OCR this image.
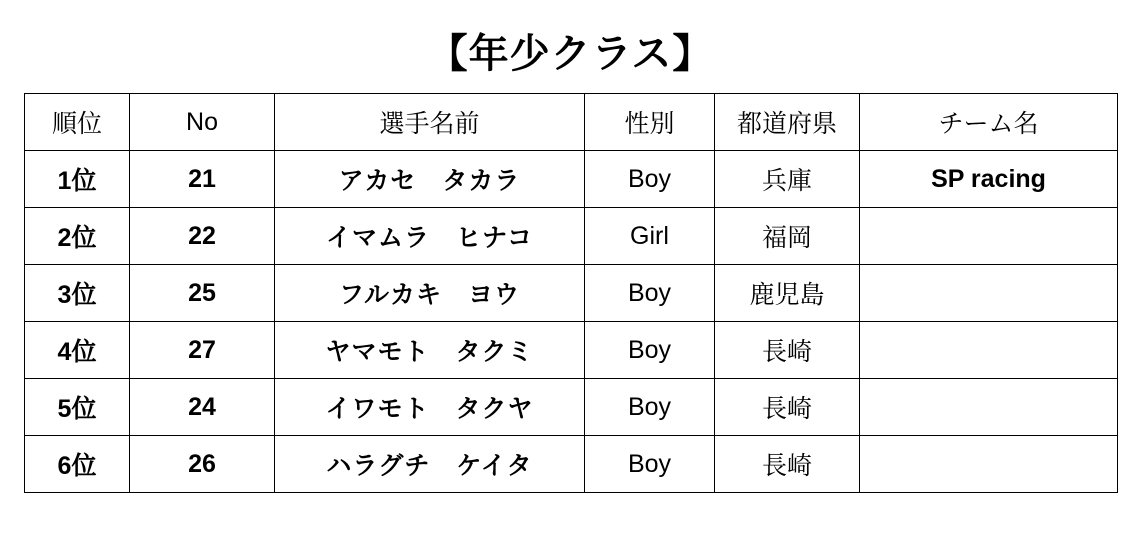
【年少クラス】
順位	No	選手名前	性別	都道府県	チーム名
1位	21	アカセ　タカラ	Boy	兵庫	SP racing
2位	22	イマムラ　ヒナコ	Girl	福岡	
3位	25	フルカキ　ヨウ	Boy	鹿児島	
4位	27	ヤマモト　タクミ	Boy	長崎	
5位	24	イワモト　タクヤ	Boy	長崎	
6位	26	ハラグチ　ケイタ	Boy	長崎	
